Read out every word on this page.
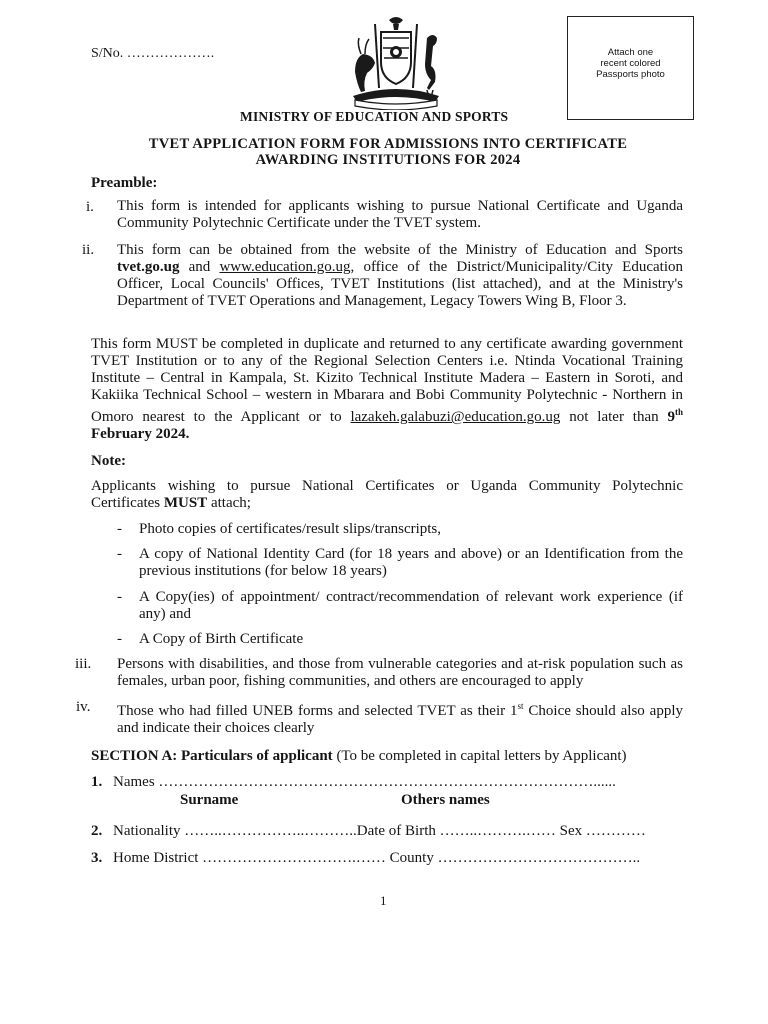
S/No. ……………….	Attach one
recent colored
Passports photo
MINISTRY OF EDUCATION AND SPORTS
TVET APPLICATION FORM FOR ADMISSIONS INTO CERTIFICATE
AWARDING INSTITUTIONS FOR 2024
Preamble:
i. This form is intended for applicants wishing to pursue National Certificate and Uganda Community Polytechnic Certificate under the TVET system.
ii. This form can be obtained from the website of the Ministry of Education and Sports tvet.go.ug and www.education.go.ug, office of the District/Municipality/City Education Officer, Local Councils' Offices, TVET Institutions (list attached), and at the Ministry's Department of TVET Operations and Management, Legacy Towers Wing B, Floor 3.
This form MUST be completed in duplicate and returned to any certificate awarding government TVET Institution or to any of the Regional Selection Centers i.e. Ntinda Vocational Training Institute – Central in Kampala, St. Kizito Technical Institute Madera – Eastern in Soroti, and Kakiika Technical School – western in Mbarara and Bobi Community Polytechnic - Northern in Omoro nearest to the Applicant or to lazakeh.galabuzi@education.go.ug not later than 9th February 2024.
Note:
Applicants wishing to pursue National Certificates or Uganda Community Polytechnic Certificates MUST attach;
- Photo copies of certificates/result slips/transcripts,
- A copy of National Identity Card (for 18 years and above) or an Identification from the previous institutions (for below 18 years)
- A Copy(ies) of appointment/ contract/recommendation of relevant work experience (if any) and
- A Copy of Birth Certificate
iii. Persons with disabilities, and those from vulnerable categories and at-risk population such as females, urban poor, fishing communities, and others are encouraged to apply
iv. Those who had filled UNEB forms and selected TVET as their 1st Choice should also apply and indicate their choices clearly
SECTION A: Particulars of applicant (To be completed in capital letters by Applicant)
1. Names ……………………………………………………………………………......
Surname	Others names
2. Nationality ……..……………..………..Date of Birth ……..……….…… Sex …………
3. Home District ………………………….…… County …………………………………..
1
